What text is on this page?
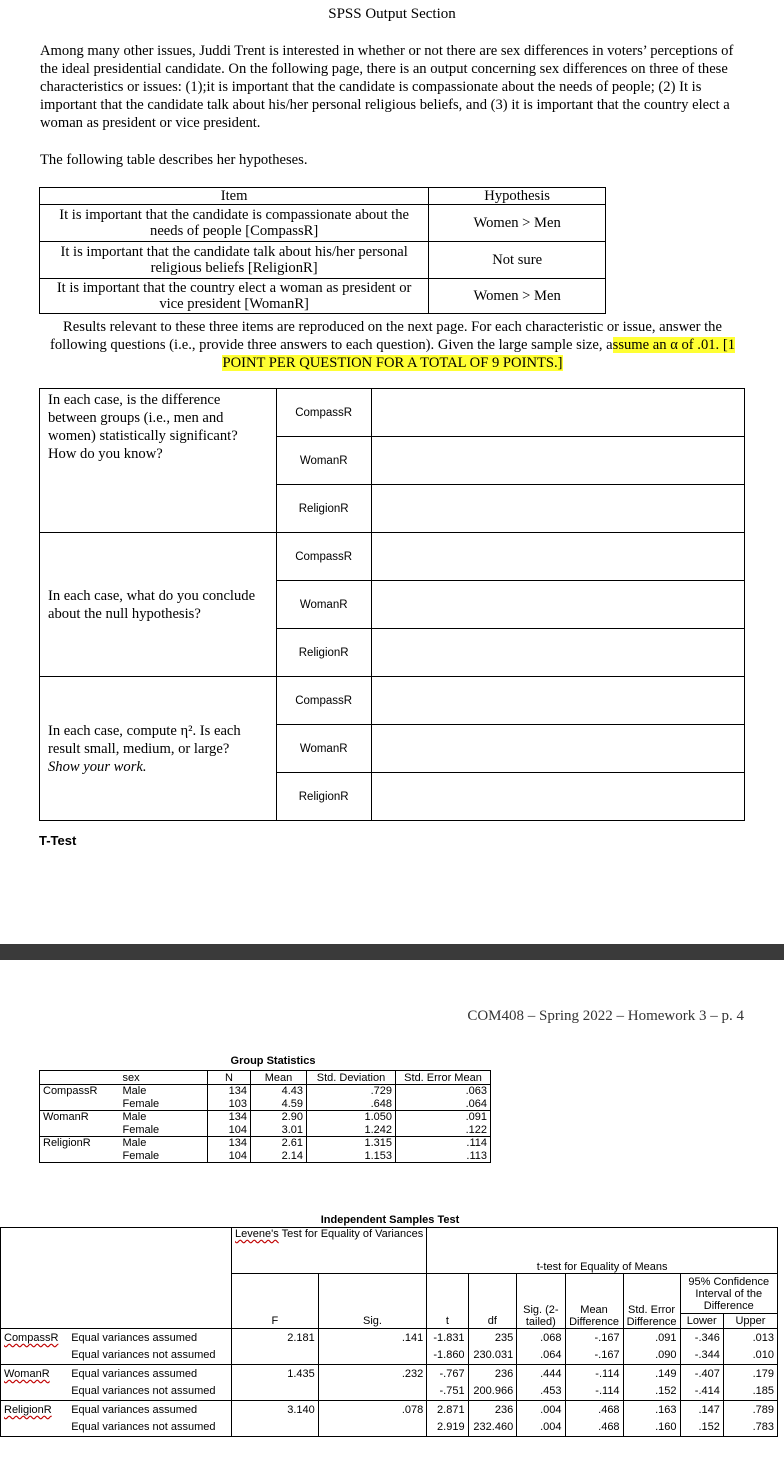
SPSS Output Section

Among many other issues, Juddi Trent is interested in whether or not there are sex differences in voters’ perceptions of the ideal presidential candidate. On the following page, there is an output concerning sex differences on three of these characteristics or issues: (1);it is important that the candidate is compassionate about the needs of people; (2) It is important that the candidate talk about his/her personal religious beliefs, and (3) it is important that the country elect a woman as president or vice president.

The following table describes her hypotheses.

Item	Hypothesis
It is important that the candidate is compassionate about the needs of people [CompassR]	Women > Men
It is important that the candidate talk about his/her personal religious beliefs [ReligionR]	Not sure
It is important that the country elect a woman as president or vice president [WomanR]	Women > Men

Results relevant to these three items are reproduced on the next page. For each characteristic or issue, answer the following questions (i.e., provide three answers to each question). Given the large sample size, assume an α of .01. [1 POINT PER QUESTION FOR A TOTAL OF 9 POINTS.]

In each case, is the difference between groups (i.e., men and women) statistically significant? How do you know?	CompassR	
	WomanR	
	ReligionR	
In each case, what do you conclude about the null hypothesis?	CompassR	
	WomanR	
	ReligionR	
In each case, compute η². Is each result small, medium, or large?
Show your work.	CompassR	
	WomanR	
	ReligionR	
T-Test
COM408 – Spring 2022 – Homework 3 – p. 4
Group Statistics
	sex	N	Mean	Std. Deviation	Std. Error Mean
CompassR	Male	134	4.43	.729	.063
	Female	103	4.59	.648	.064
WomanR	Male	134	2.90	1.050	.091
	Female	104	3.01	1.242	.122
ReligionR	Male	134	2.61	1.315	.114
	Female	104	2.14	1.153	.113
Independent Samples Test
		Levene's Test for Equality of Variances		t-test for Equality of Means						
						Sig. (2-tailed)	Mean Difference	Std. Error Difference	95% Confidence Interval of the Difference	
		F	Sig.	t	df				Lower	Upper
CompassR	Equal variances assumed	2.181	.141	-1.831	235	.068	-.167	.091	-.346	.013
	Equal variances not assumed			-1.860	230.031	.064	-.167	.090	-.344	.010
WomanR	Equal variances assumed	1.435	.232	-.767	236	.444	-.114	.149	-.407	.179
	Equal variances not assumed			-.751	200.966	.453	-.114	.152	-.414	.185
ReligionR	Equal variances assumed	3.140	.078	2.871	236	.004	.468	.163	.147	.789
	Equal variances not assumed			2.919	232.460	.004	.468	.160	.152	.783
